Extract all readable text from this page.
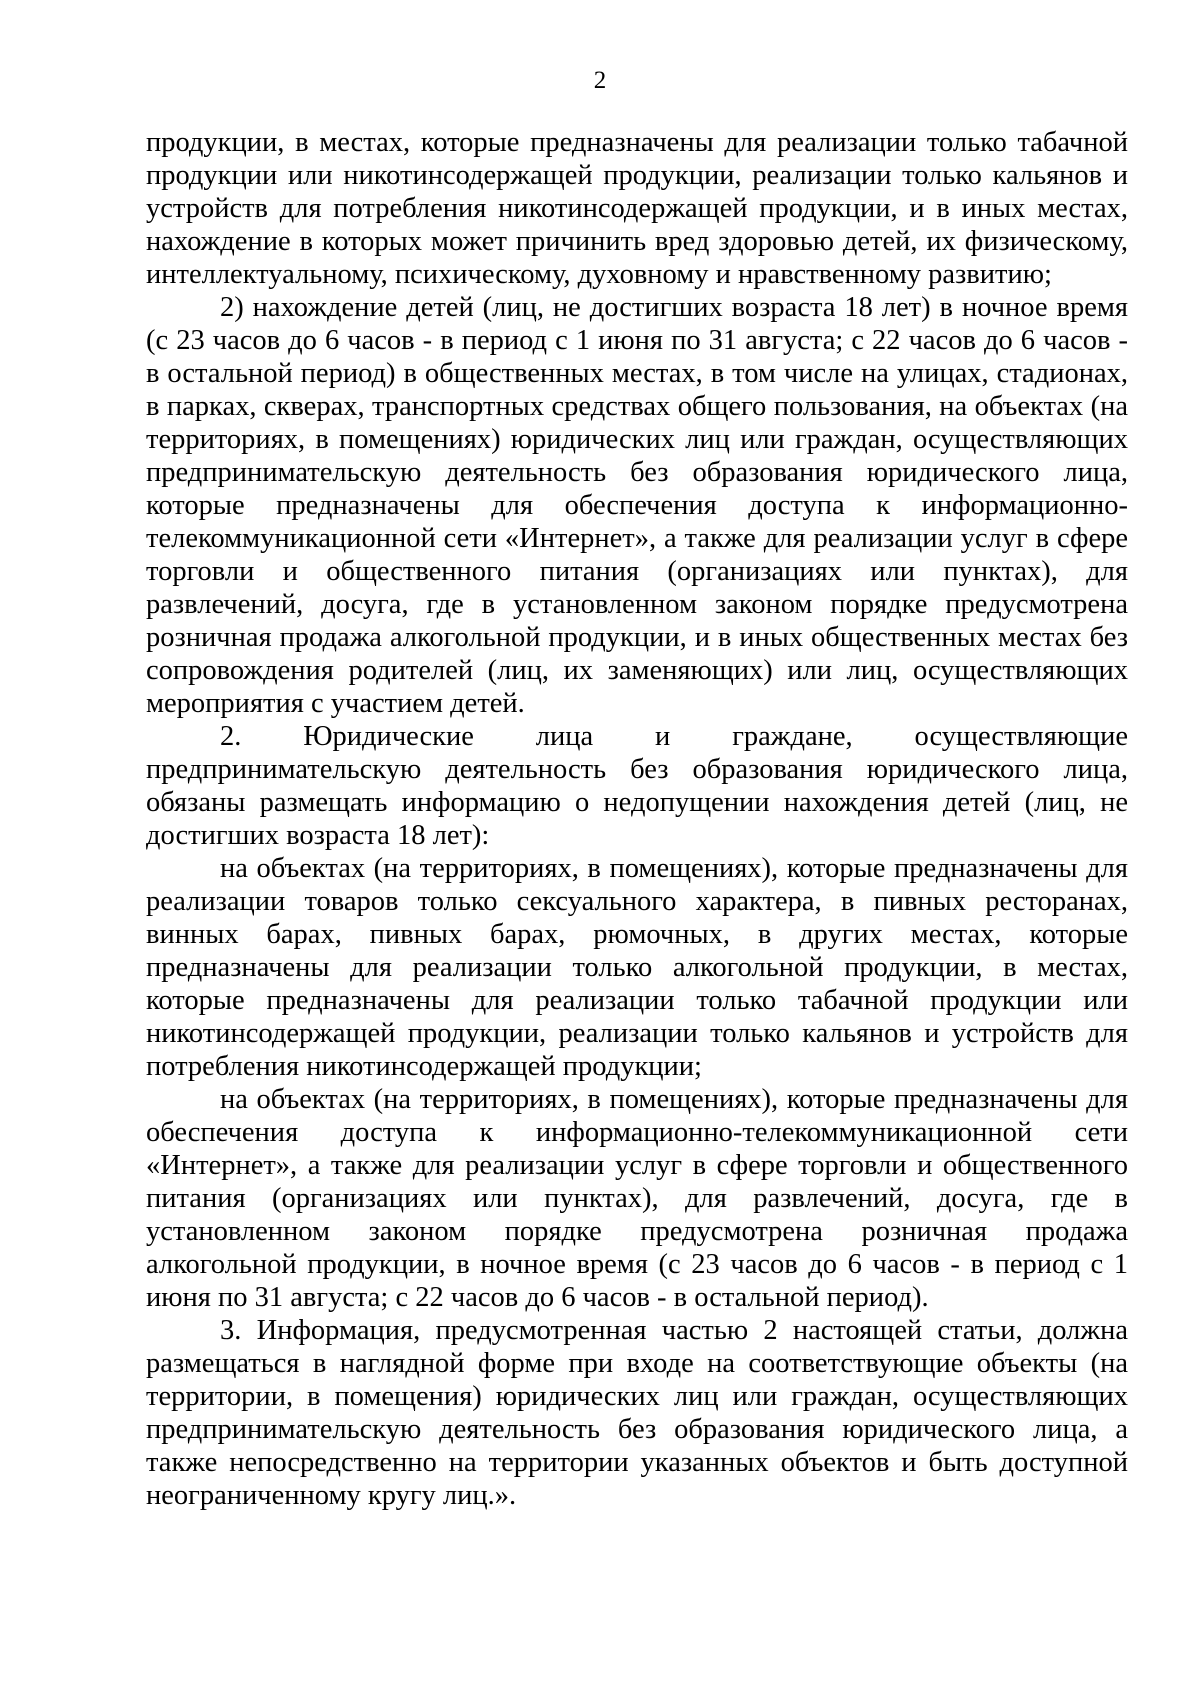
2

продукции, в местах, которые предназначены для реализации только табачной продукции или никотинсодержащей продукции, реализации только кальянов и устройств для потребления никотинсодержащей продукции, и в иных местах, нахождение в которых может причинить вред здоровью детей, их физическому, интеллектуальному, психическому, духовному и нравственному развитию;

2) нахождение детей (лиц, не достигших возраста 18 лет) в ночное время (с 23 часов до 6 часов - в период с 1 июня по 31 августа; с 22 часов до 6 часов - в остальной период) в общественных местах, в том числе на улицах, стадионах, в парках, скверах, транспортных средствах общего пользования, на объектах (на территориях, в помещениях) юридических лиц или граждан, осуществляющих предпринимательскую деятельность без образования юридического лица, которые предназначены для обеспечения доступа к информационно-телекоммуникационной сети «Интернет», а также для реализации услуг в сфере торговли и общественного питания (организациях или пунктах), для развлечений, досуга, где в установленном законом порядке предусмотрена розничная продажа алкогольной продукции, и в иных общественных местах без сопровождения родителей (лиц, их заменяющих) или лиц, осуществляющих мероприятия с участием детей.

2. Юридические лица и граждане, осуществляющие предпринимательскую деятельность без образования юридического лица, обязаны размещать информацию о недопущении нахождения детей (лиц, не достигших возраста 18 лет):

на объектах (на территориях, в помещениях), которые предназначены для реализации товаров только сексуального характера, в пивных ресторанах, винных барах, пивных барах, рюмочных, в других местах, которые предназначены для реализации только алкогольной продукции, в местах, которые предназначены для реализации только табачной продукции или никотинсодержащей продукции, реализации только кальянов и устройств для потребления никотинсодержащей продукции;

на объектах (на территориях, в помещениях), которые предназначены для обеспечения доступа к информационно-телекоммуникационной сети «Интернет», а также для реализации услуг в сфере торговли и общественного питания (организациях или пунктах), для развлечений, досуга, где в установленном законом порядке предусмотрена розничная продажа алкогольной продукции, в ночное время (с 23 часов до 6 часов - в период с 1 июня по 31 августа; с 22 часов до 6 часов - в остальной период).

3. Информация, предусмотренная частью 2 настоящей статьи, должна размещаться в наглядной форме при входе на соответствующие объекты (на территории, в помещения) юридических лиц или граждан, осуществляющих предпринимательскую деятельность без образования юридического лица, а также непосредственно на территории указанных объектов и быть доступной неограниченному кругу лиц.».
